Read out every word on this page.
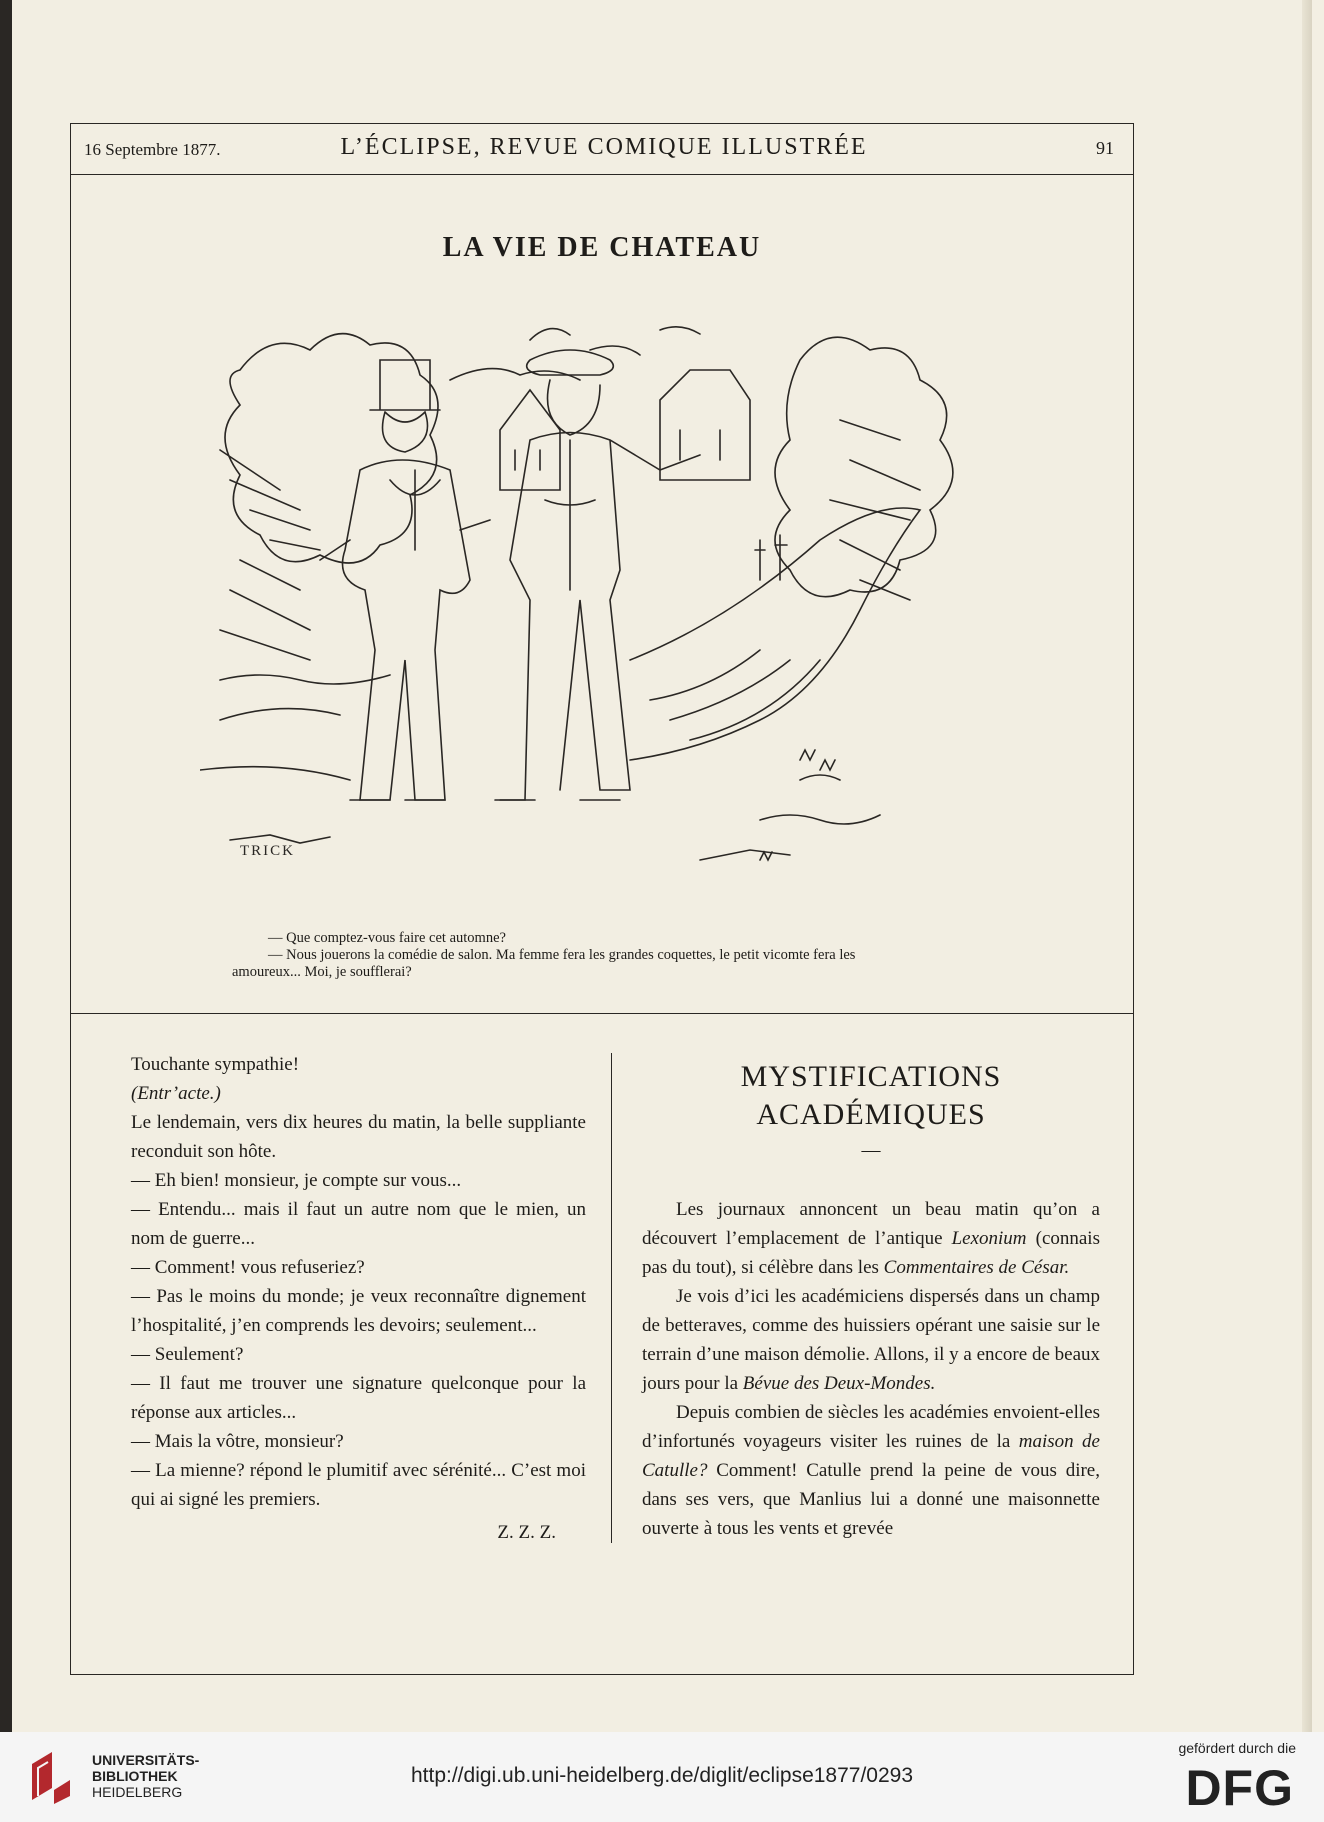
16 Septembre 1877.	L’ÉCLIPSE, REVUE COMIQUE ILLUSTRÉE	91
LA VIE DE CHATEAU
TRICK

— Que comptez-vous faire cet automne?

— Nous jouerons la comédie de salon. Ma femme fera les grandes coquettes, le petit vicomte fera les

amoureux... Moi, je soufflerai?

Touchante sympathie!

(Entr’acte.)

Le lendemain, vers dix heures du matin, la belle suppliante reconduit son hôte.

— Eh bien! monsieur, je compte sur vous...

— Entendu... mais il faut un autre nom que le mien, un nom de guerre...

— Comment! vous refuseriez?

— Pas le moins du monde; je veux reconnaître dignement l’hospitalité, j’en comprends les devoirs; seulement...

— Seulement?

— Il faut me trouver une signature quelconque pour la réponse aux articles...

— Mais la vôtre, monsieur?

— La mienne? répond le plumitif avec sérénité... C’est moi qui ai signé les premiers.

Z. Z. Z.

MYSTIFICATIONS ACADÉMIQUES

—

Les journaux annoncent un beau matin qu’on a découvert l’emplacement de l’antique Lexonium (connais pas du tout), si célèbre dans les Commentaires de César.

Je vois d’ici les académiciens dispersés dans un champ de betteraves, comme des huissiers opérant une saisie sur le terrain d’une maison démolie. Allons, il y a encore de beaux jours pour la Bévue des Deux-Mondes.

Depuis combien de siècles les académies envoient-elles d’infortunés voyageurs visiter les ruines de la maison de Catulle? Comment! Catulle prend la peine de vous dire, dans ses vers, que Manlius lui a donné une maisonnette ouverte à tous les vents et grevée

UNIVERSITÄTS-
BIBLIOTHEK
HEIDELBERG
http://digi.ub.uni-heidelberg.de/diglit/eclipse1877/0293
gefördert durch die
DFG
